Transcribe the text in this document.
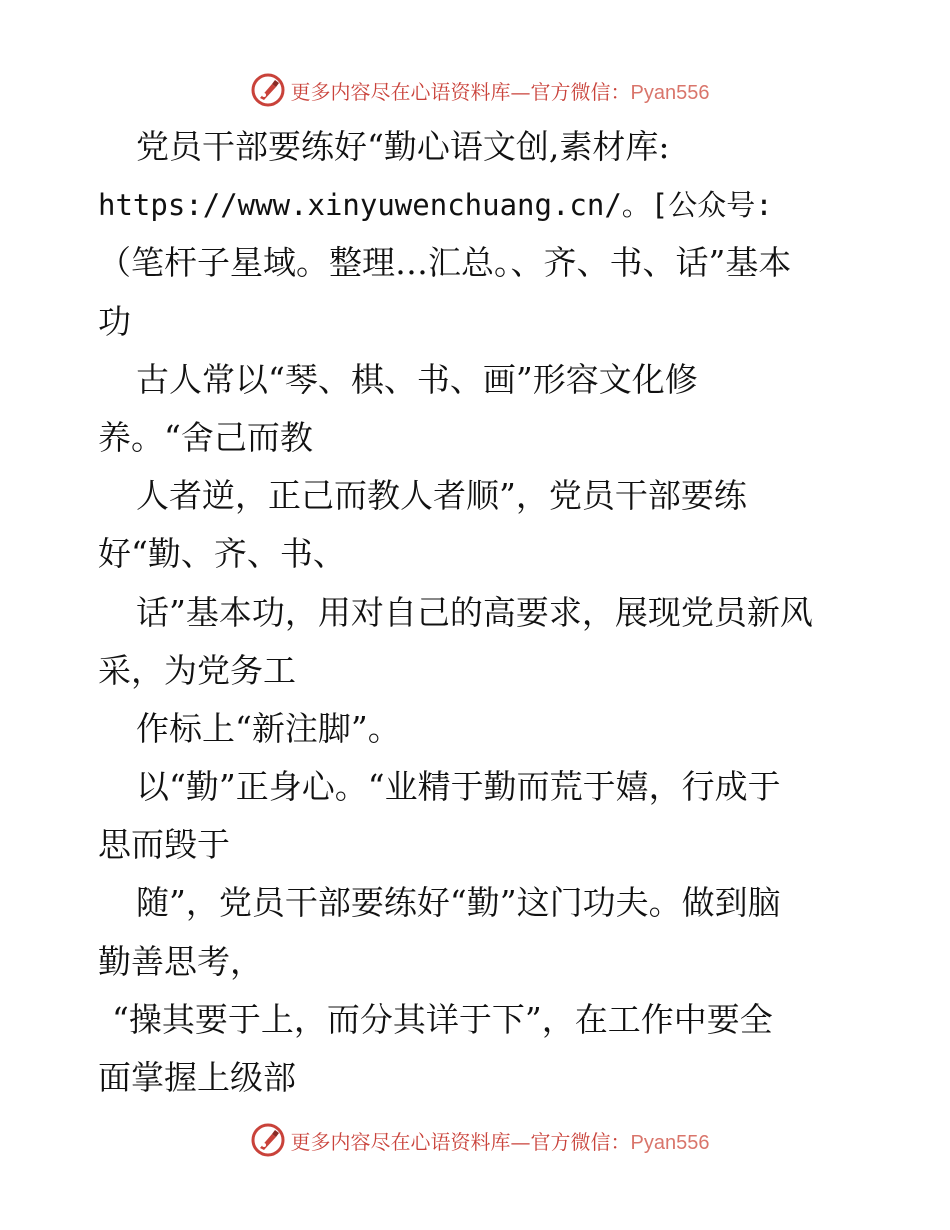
更多内容尽在心语资料库—官方微信：Pyan556
党员干部要练好“勤心语文创,素材库:
https://www.xinyuwenchuang.cn/。[公众号:
（笔杆子星域。整理…汇总。、齐、书、话”基本
功
古人常以“琴、棋、书、画”形容文化修
养。“舍己而教
人者逆，正己而教人者顺”，党员干部要练
好“勤、齐、书、
话”基本功，用对自己的高要求，展现党员新风
采，为党务工
作标上“新注脚”。
以“勤”正身心。“业精于勤而荒于嬉，行成于
思而毁于
随”，党员干部要练好“勤”这门功夫。做到脑
勤善思考，
“操其要于上，而分其详于下”，在工作中要全
面掌握上级部
更多内容尽在心语资料库—官方微信：Pyan556
